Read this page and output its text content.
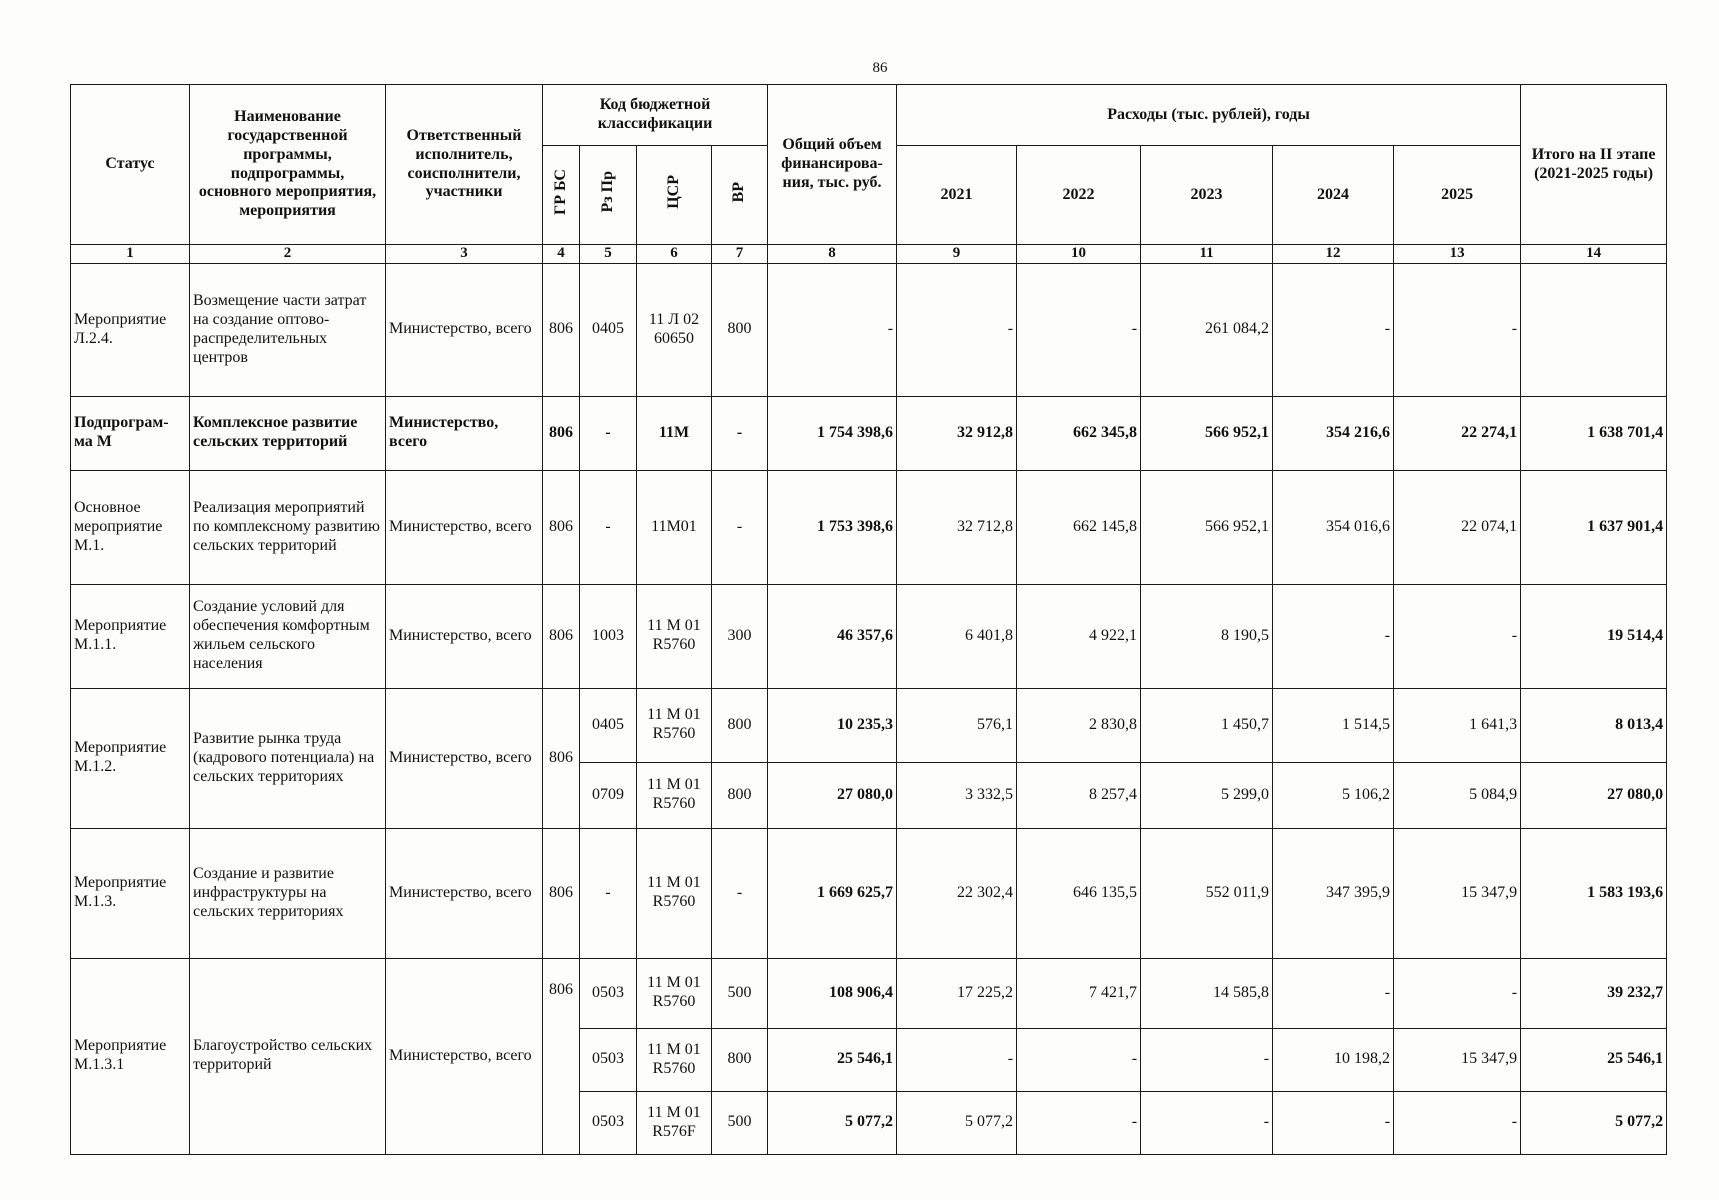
86
Статус	Наименование государственной программы, подпрограммы, основного мероприятия, мероприятия	Ответственный исполнитель, соисполнители, участники	Код бюджетной классификации				Общий объем финансирова-ния, тыс. руб.	Расходы (тыс. рублей), годы					Итого на II этапе (2021-2025 годы)
			ГР БС	Рз Пр	ЦСР	ВР		2021	2022	2023	2024	2025	
1	2	3	4	5	6	7	8	9	10	11	12	13	14
Мероприятие Л.2.4.	Возмещение части затрат на создание оптово-распределительных центров	Министерство, всего	806	0405	11 Л 02 60650	800	-	-	-	261 084,2	-	-	
Подпрограм-ма М	Комплексное развитие сельских территорий	Министерство, всего	806	-	11М	-	1 754 398,6	32 912,8	662 345,8	566 952,1	354 216,6	22 274,1	1 638 701,4
Основное мероприятие М.1.	Реализация мероприятий по комплексному развитию сельских территорий	Министерство, всего	806	-	11М01	-	1 753 398,6	32 712,8	662 145,8	566 952,1	354 016,6	22 074,1	1 637 901,4
Мероприятие М.1.1.	Создание условий для обеспечения комфортным жильем сельского населения	Министерство, всего	806	1003	11 М 01 R5760	300	46 357,6	6 401,8	4 922,1	8 190,5	-	-	19 514,4
Мероприятие М.1.2.	Развитие рынка труда (кадрового потенциала) на сельских территориях	Министерство, всего	806	0405	11 М 01 R5760	800	10 235,3	576,1	2 830,8	1 450,7	1 514,5	1 641,3	8 013,4
				0709	11 М 01 R5760	800	27 080,0	3 332,5	8 257,4	5 299,0	5 106,2	5 084,9	27 080,0
Мероприятие М.1.3.	Создание и развитие инфраструктуры на сельских территориях	Министерство, всего	806	-	11 М 01 R5760	-	1 669 625,7	22 302,4	646 135,5	552 011,9	347 395,9	15 347,9	1 583 193,6
Мероприятие М.1.3.1	Благоустройство сельских территорий	Министерство, всего	806	0503	11 М 01 R5760	500	108 906,4	17 225,2	7 421,7	14 585,8	-	-	39 232,7
				0503	11 М 01 R5760	800	25 546,1	-	-	-	10 198,2	15 347,9	25 546,1
				0503	11 М 01 R576F	500	5 077,2	5 077,2	-	-	-	-	5 077,2
